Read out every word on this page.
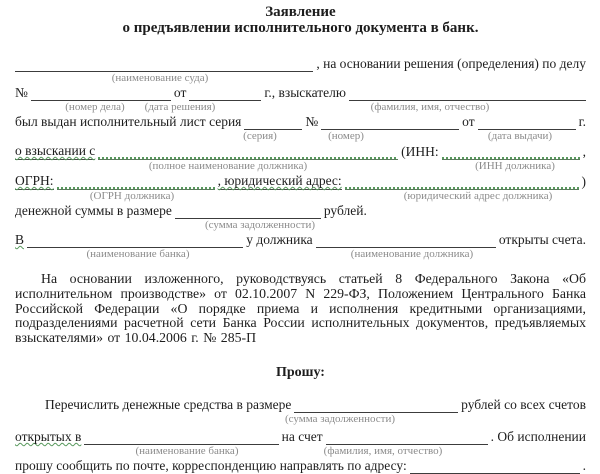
Заявление
о предъявлении исполнительного документа в банк.
, на основании решения (определения) по делу
(наименование суда)
№	от	г., взыскателю
(номер дела) (дата решения)	(фамилия, имя, отчество)
был выдан исполнительный лист серия	№	от	г.
(серия)	(номер)	(дата выдачи)
о взыскании с	(ИНН:	,
(полное наименование должника)	(ИНН должника)
ОГРН:	, юридический адрес:	)
(ОГРН должника)	(юридический адрес должника)
денежной суммы в размере	рублей.
(сумма задолженности)
В	у должника	открыты счета.
(наименование банка)	(наименование должника)
На основании изложенного, руководствуясь статьей 8 Федерального Закона «Об исполнительном производстве» от 02.10.2007 N 229-ФЗ, Положением Центрального Банка Российской Федерации «О порядке приема и исполнения кредитными организациями, подразделениями расчетной сети Банка России исполнительных документов, предъявляемых взыскателями» от 10.04.2006 г. № 285-П
Прошу:
Перечислить денежные средства в размере	рублей со всех счетов
(сумма задолженности)
открытых в	на счет	. Об исполнении
(наименование банка)	(фамилия, имя, отчество)
прошу сообщить по почте, корреспонденцию направлять по адресу:	.
